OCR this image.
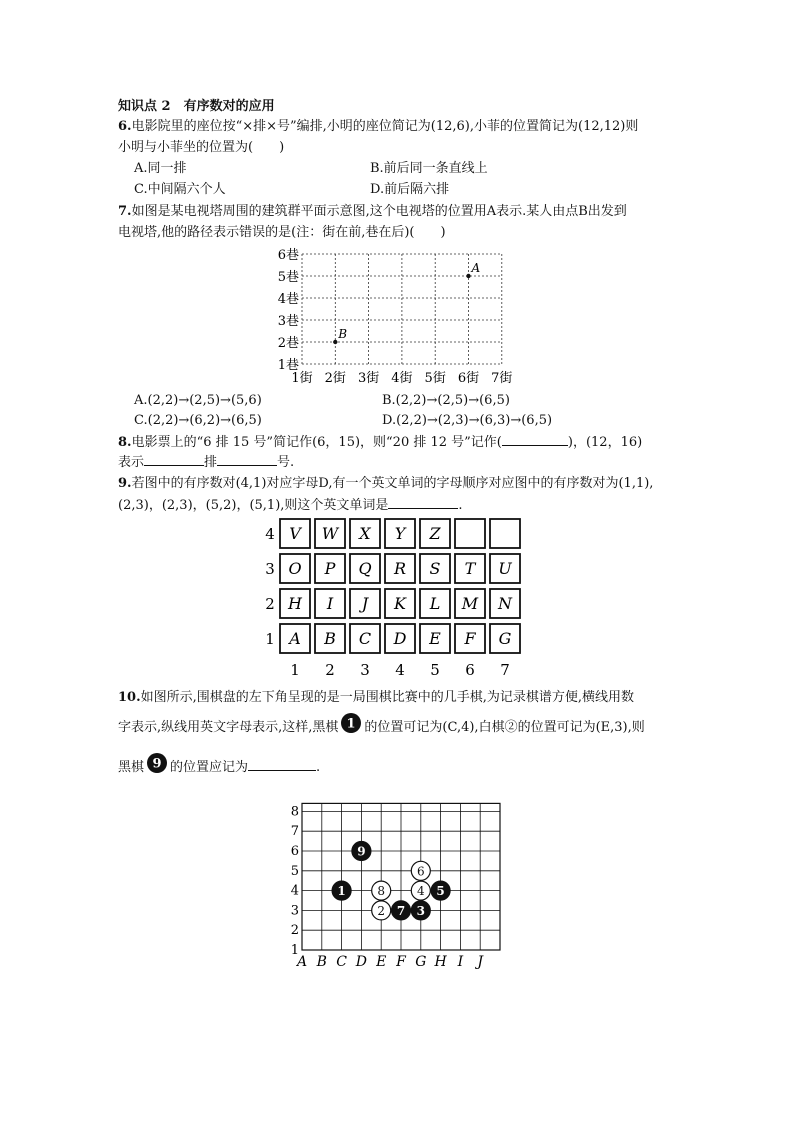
知识点 2　有序数对的应用
6.电影院里的座位按“×排×号”编排,小明的座位简记为(12,6),小菲的位置简记为(12,12)则
小明与小菲坐的位置为(　　)
A.同一排	B.前后同一条直线上
C.中间隔六个人	D.前后隔六排
7.如图是某电视塔周围的建筑群平面示意图,这个电视塔的位置用A表示.某人由点B出发到
电视塔,他的路径表示错误的是(注：街在前,巷在后)(　　)
1巷
2巷
3巷
4巷
5巷
6巷
1街 2街 3街 4街 5街 6街 7街
A
B
A.(2,2)→(2,5)→(5,6)	B.(2,2)→(2,5)→(6,5)
C.(2,2)→(6,2)→(6,5)	D.(2,2)→(2,3)→(6,3)→(6,5)
8.电影票上的“6 排 15 号”简记作(6，15)，则“20 排 12 号”记作(	)，(12，16)
表示	排	号.
9.若图中的有序数对(4,1)对应字母D,有一个英文单词的字母顺序对应图中的有序数对为(1,1),
(2,3)，(2,3)，(5,2)，(5,1),则这个英文单词是	.
4 V W X Y Z
3 O P Q R S T U
2 H I J K L M N
1 A B C D E F G
1 2 3 4 5 6 7
10.如图所示,围棋盘的左下角呈现的是一局围棋比赛中的几手棋,为记录棋谱方便,横线用数
字表示,纵线用英文字母表示,这样,黑棋 1 的位置可记为(C,4),白棋②的位置可记为(E,3),则
黑棋 9 的位置应记为	.
1
2
3
4
5
6
7
8
A B C D E F G H I J
1
2	3
4 5
6
7
8
9
